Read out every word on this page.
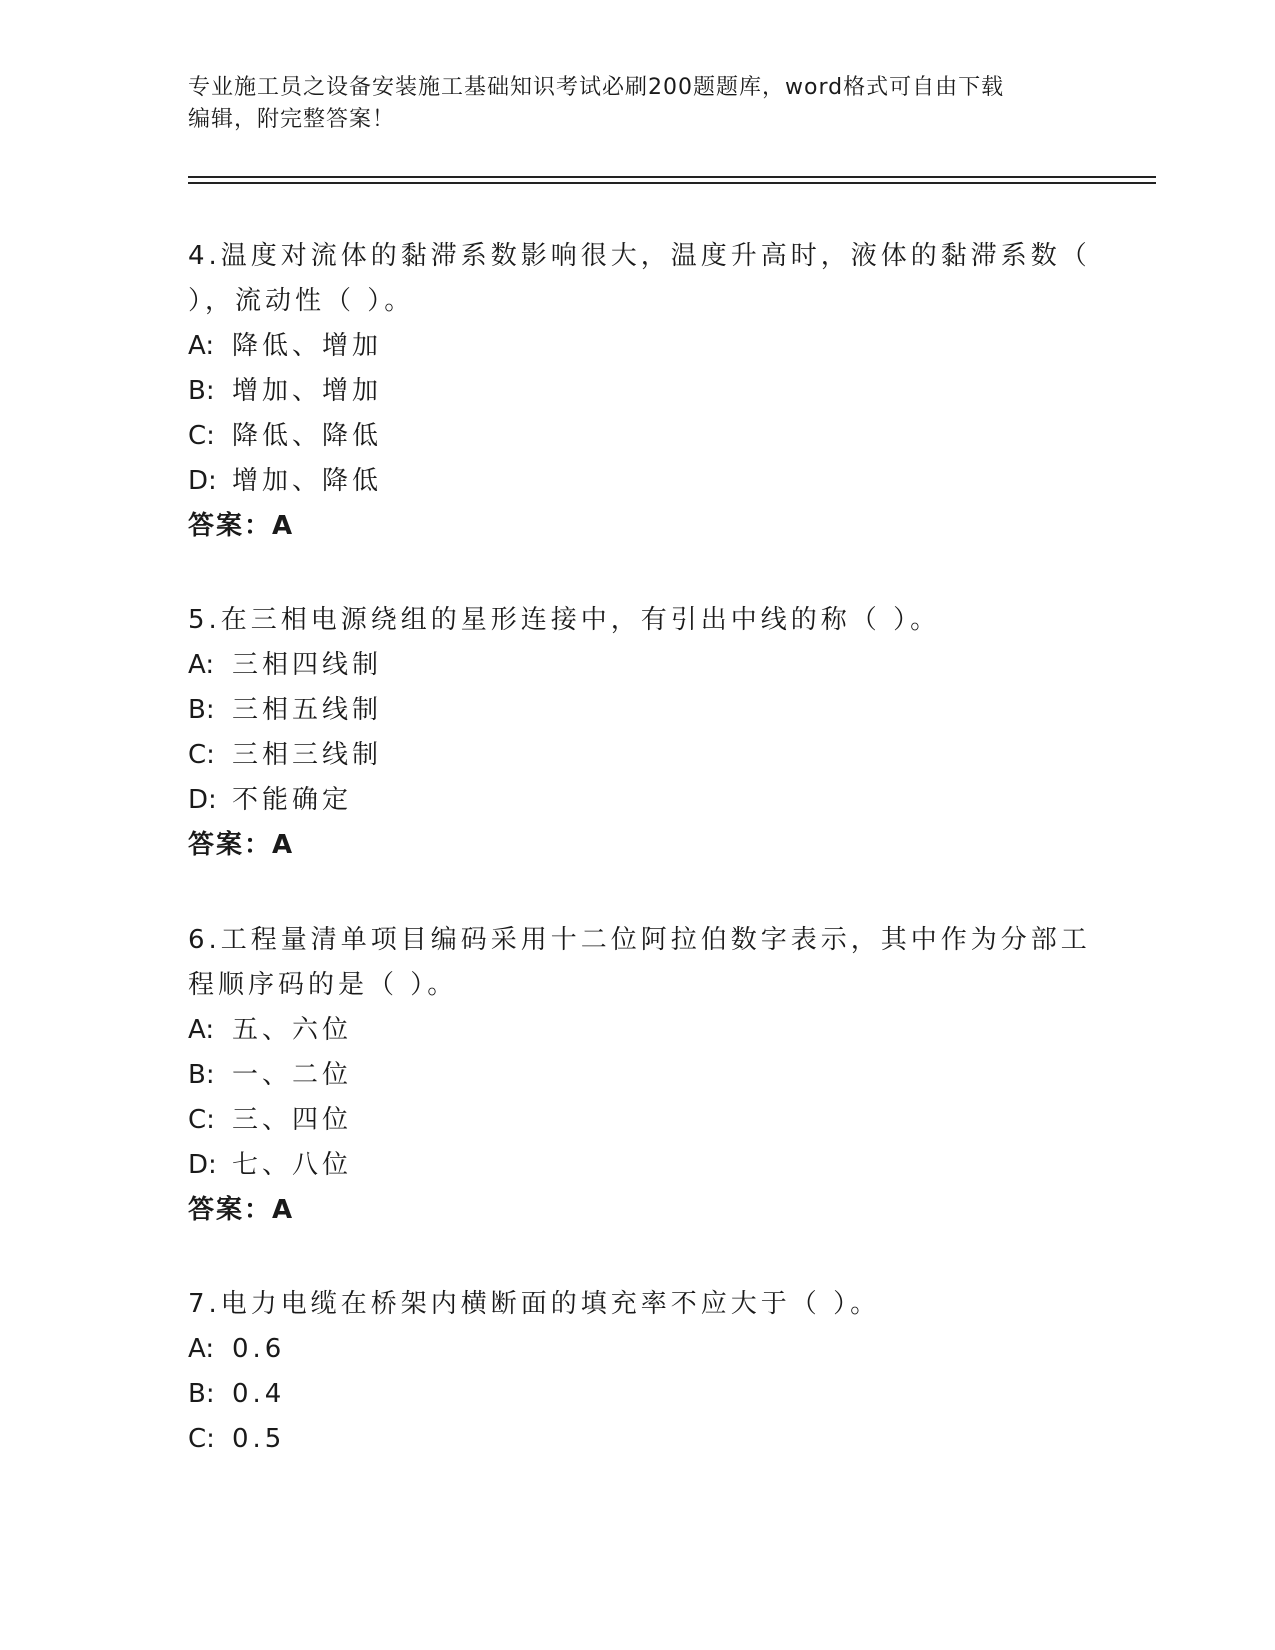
专业施工员之设备安装施工基础知识考试必刷200题题库，word格式可自由下载
编辑，附完整答案！
4.温度对流体的黏滞系数影响很大，温度升高时，液体的黏滞系数（
），流动性（ ）。
A: 降低、增加
B: 增加、增加
C: 降低、降低
D: 增加、降低
答案：A
5.在三相电源绕组的星形连接中，有引出中线的称（ ）。
A: 三相四线制
B: 三相五线制
C: 三相三线制
D: 不能确定
答案：A
6.工程量清单项目编码采用十二位阿拉伯数字表示，其中作为分部工
程顺序码的是（ ）。
A: 五、六位
B: 一、二位
C: 三、四位
D: 七、八位
答案：A
7.电力电缆在桥架内横断面的填充率不应大于（ ）。
A: 0.6
B: 0.4
C: 0.5
